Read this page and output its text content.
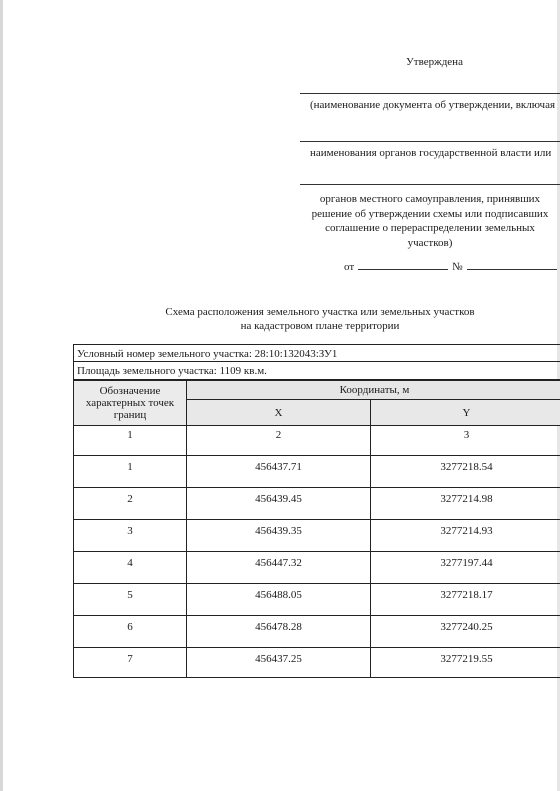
Утверждена
(наименование документа об утверждении, включая
наименования органов государственной власти или
органов местного самоуправления, принявших решение об утверждении схемы или подписавших соглашение о перераспределении земельных участков)
от	№
Схема расположения земельного участка или земельных участков
на кадастровом плане территории
Условный номер земельного участка: 28:10:132043:ЗУ1
Площадь земельного участка: 1109 кв.м.
Обозначение характерных точек границ	Координаты, м	
	X	Y
1	2	3
1	456437.71	3277218.54
2	456439.45	3277214.98
3	456439.35	3277214.93
4	456447.32	3277197.44
5	456488.05	3277218.17
6	456478.28	3277240.25
7	456437.25	3277219.55
